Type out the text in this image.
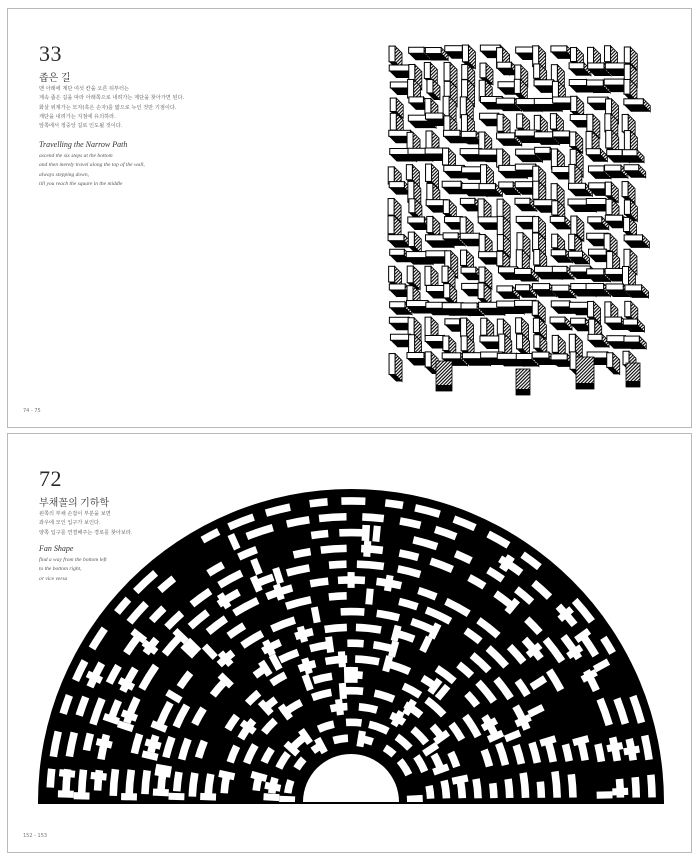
33
좁은 길
맨 아래에 계단 여섯 칸을 오른 뒤부터는
계속 좁은 길을 따라 아래쪽으로 내려가는 계단을 찾아가면 된다.
화살 위계가는 모자(혹은 손자)를 밟으로 누인 것만 기점이다.
계단을 내려가는 지점에 유의하라.
앞쪽에서 정중앙 길로 인도될 것이다.
Travelling the Narrow Path
ascend the six steps at the bottom
and then merely travel along the top of the wall,
always stepping down,
till you reach the square in the middle
74 - 75
72
부채꼴의 기하학
왼쪽의 부채 손잡이 부분을 보면
좌우에 모인 입구가 보인다.
양쪽 입구를 연결해주는 경로를 찾아보라.
Fan Shape
find a way from the bottom left
to the bottom right,
or vice versa
152 - 153
